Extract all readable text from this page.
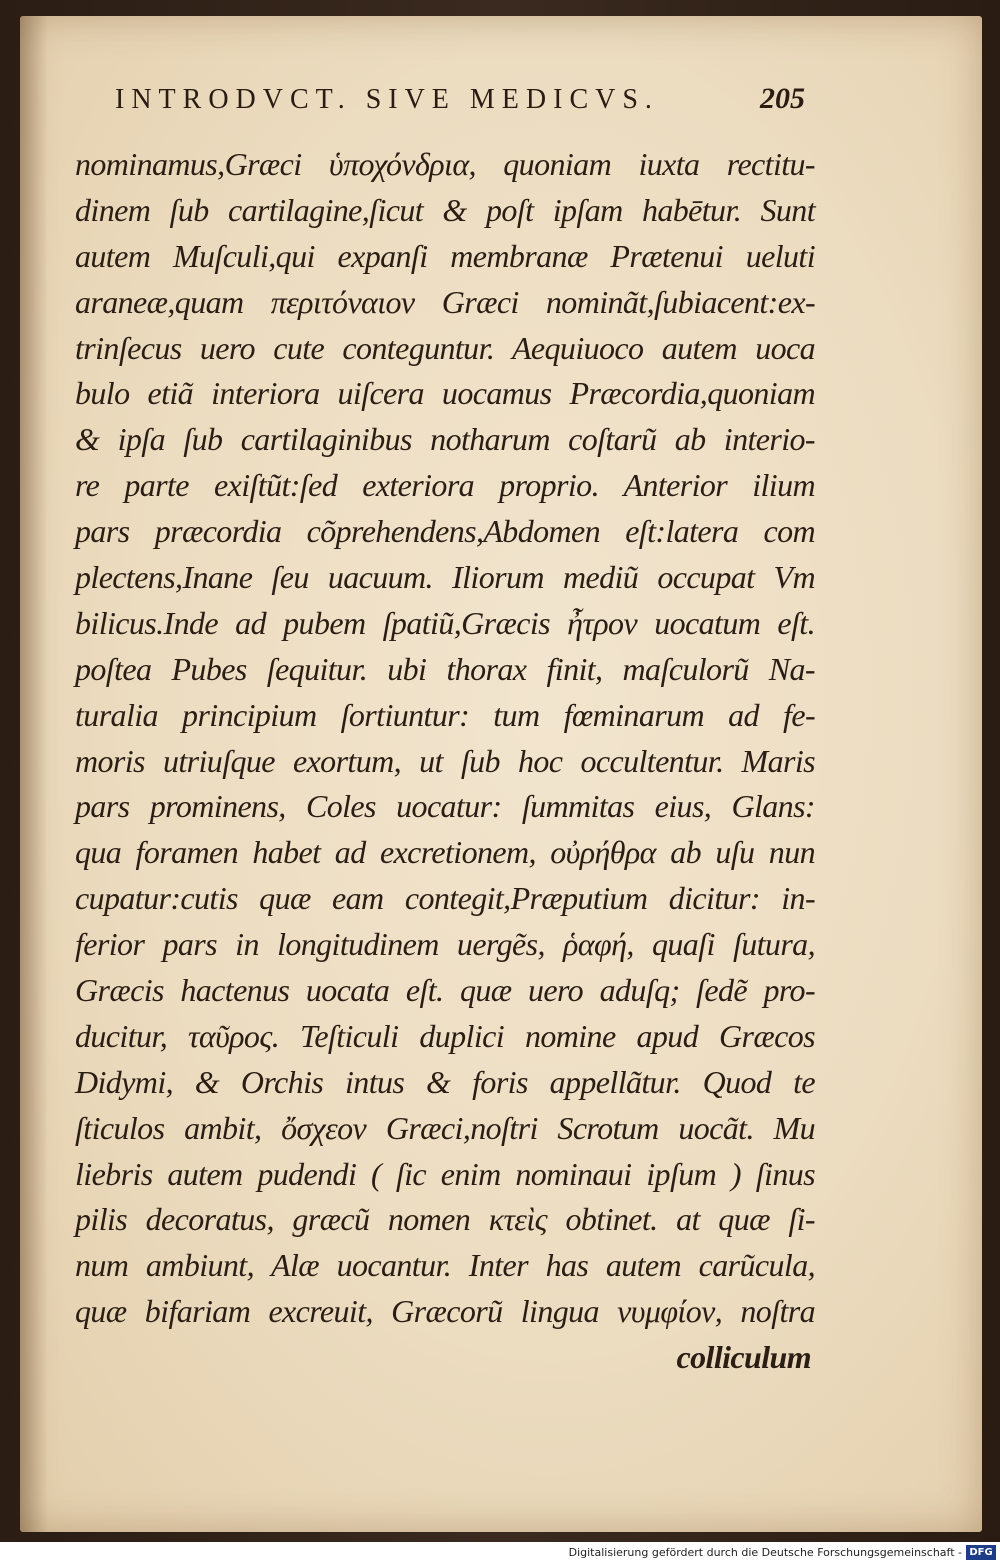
INTRODVCT. SIVE MEDICVS.	205
nominamus,Græci ὑποχόνδρια, quoniam iuxta rectitu-
dinem ſub cartilagine,ſicut & poſt ipſam habētur. Sunt
autem Muſculi,qui expanſi membranæ Prætenui ueluti
araneæ,quam περιτόναιον Græci nominãt,ſubiacent:ex-
trinſecus uero cute conteguntur. Aequiuoco autem uoca
bulo etiã interiora uiſcera uocamus Præcordia,quoniam
& ipſa ſub cartilaginibus notharum coſtarũ ab interio-
re parte exiſtũt:ſed exteriora proprio. Anterior ilium
pars præcordia cõprehendens,Abdomen eſt:latera com
plectens,Inane ſeu uacuum. Iliorum mediũ occupat Vm
bilicus.Inde ad pubem ſpatiũ,Græcis ἦτρον uocatum eſt.
poſtea Pubes ſequitur. ubi thorax finit, maſculorũ Na-
turalia principium ſortiuntur: tum fœminarum ad fe-
moris utriuſque exortum, ut ſub hoc occultentur. Maris
pars prominens, Coles uocatur: ſummitas eius, Glans:
qua foramen habet ad excretionem, οὐρήθρα ab uſu nun
cupatur:cutis quæ eam contegit,Præputium dicitur: in-
ferior pars in longitudinem uergẽs, ῥαφή, quaſi ſutura,
Græcis hactenus uocata eſt. quæ uero aduſq; ſedẽ pro-
ducitur, ταῦρος. Teſticuli duplici nomine apud Græcos
Didymi, & Orchis intus & foris appellãtur. Quod te
ſticulos ambit, ὄσχεον Græci,noſtri Scrotum uocãt. Mu
liebris autem pudendi ( ſic enim nominaui ipſum ) ſinus
pilis decoratus, græcũ nomen κτεὶς obtinet. at quæ ſi-
num ambiunt, Alæ uocantur. Inter has autem carũcula,
quæ bifariam excreuit, Græcorũ lingua νυμφίον, noſtra
colliculum
Digitalisierung gefördert durch die Deutsche Forschungsgemeinschaft - DFG
